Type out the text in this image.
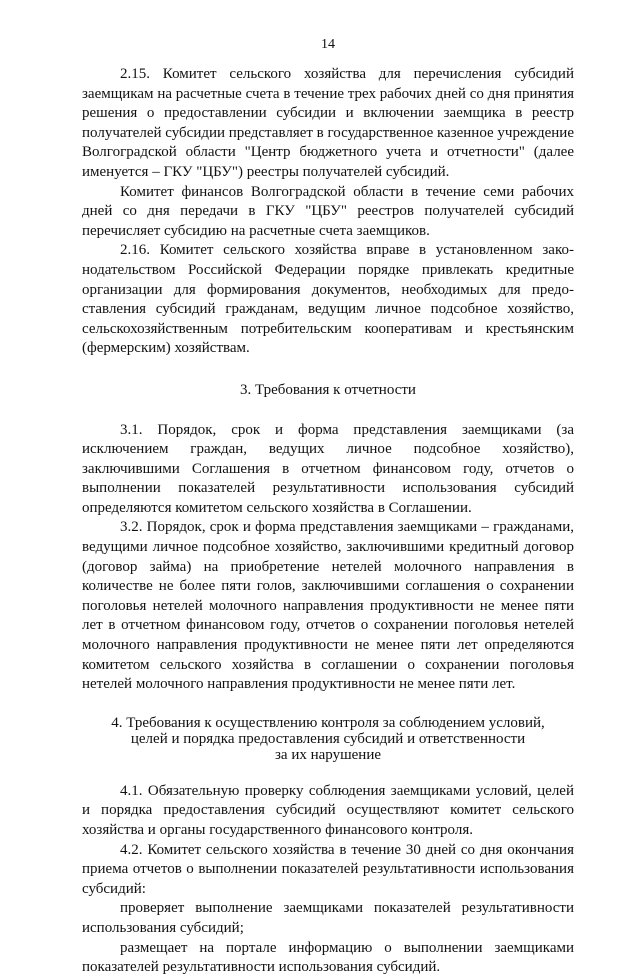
14

2.15. Комитет сельского хозяйства для перечисления субсидий заемщикам на расчетные счета в течение трех рабочих дней со дня принятия решения о предоставлении субсидии и включении заемщика в реестр получателей субсидии представляет в государственное казенное учреждение Волгоградской области "Центр бюджетного учета и отчетности" (далее именуется – ГКУ "ЦБУ") реестры получателей субсидий.

Комитет финансов Волгоградской области в течение семи рабочих дней со дня передачи в ГКУ "ЦБУ" реестров получателей субсидий перечисляет субсидию на расчетные счета заемщиков.

2.16. Комитет сельского хозяйства вправе в установленном законодательством Российской Федерации порядке привлекать кредитные организации для формирования документов, необходимых для предоставления субсидий гражданам, ведущим личное подсобное хозяйство, сельскохозяйственным потребительским кооперативам и крестьянским (фермерским) хозяйствам.

3. Требования к отчетности

3.1. Порядок, срок и форма представления заемщиками (за исключением граждан, ведущих личное подсобное хозяйство), заключившими Соглашения в отчетном финансовом году, отчетов о выполнении показателей результативности использования субсидий определяются комитетом сельского хозяйства в Соглашении.

3.2. Порядок, срок и форма представления заемщиками – гражданами, ведущими личное подсобное хозяйство, заключившими кредитный договор (договор займа) на приобретение нетелей молочного направления в количестве не более пяти голов, заключившими соглашения о сохранении поголовья нетелей молочного направления продуктивности не менее пяти лет в отчетном финансовом году, отчетов о сохранении поголовья нетелей молочного направления продуктивности не менее пяти лет определяются комитетом сельского хозяйства в соглашении о сохранении поголовья нетелей молочного направления продуктивности не менее пяти лет.

4. Требования к осуществлению контроля за соблюдением условий,
целей и порядка предоставления субсидий и ответственности
за их нарушение

4.1. Обязательную проверку соблюдения заемщиками условий, целей и порядка предоставления субсидий осуществляют комитет сельского хозяйства и органы государственного финансового контроля.

4.2. Комитет сельского хозяйства в течение 30 дней со дня окончания приема отчетов о выполнении показателей результативности использования субсидий:

проверяет выполнение заемщиками показателей результативности использования субсидий;

размещает на портале информацию о выполнении заемщиками показателей результативности использования субсидий.
